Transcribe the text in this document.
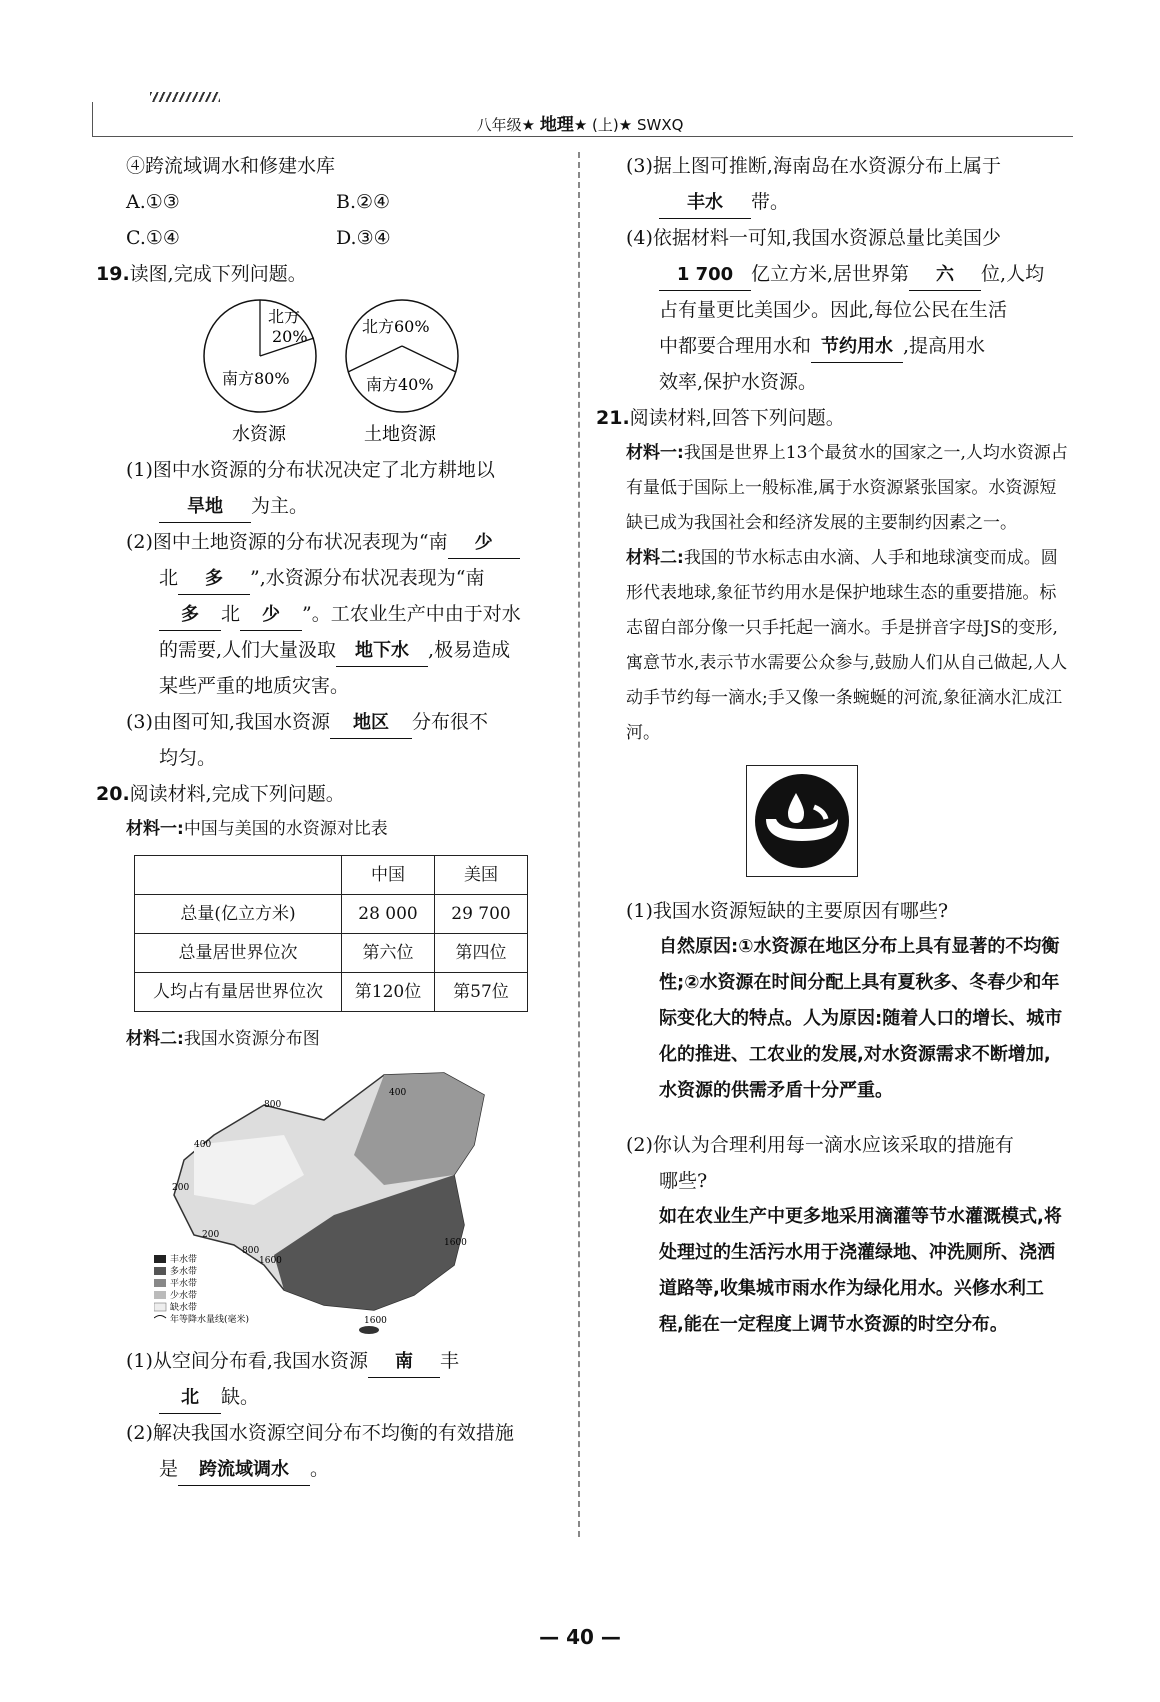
八年级★ 地理★ (上)★ SWXQ

④跨流域调水和修建水库

A.①③	B.②④
C.①④	D.③④

19.读图,完成下列问题。

北方
20%
南方80%
水资源
北方60%
南方40%
土地资源

(1)图中水资源的分布状况决定了北方耕地以

旱地 为主。

(2)图中土地资源的分布状况表现为“南 少

北 多 ”,水资源分布状况表现为“南

多 北 少 ”。工农业生产中由于对水

的需要,人们大量汲取 地下水 ,极易造成

某些严重的地质灾害。

(3)由图可知,我国水资源 地区 分布很不

均匀。

20.阅读材料,完成下列问题。

材料一:中国与美国的水资源对比表

	中国	美国
总量(亿立方米)	28 000	29 700
总量居世界位次	第六位	第四位
人均占有量居世界位次	第120位	第57位

材料二:我国水资源分布图

400
800
200
1600
400
200
1600
800
1600
丰水带
多水带
平水带
少水带
缺水带
年等降水量线(毫米)

(1)从空间分布看,我国水资源 南 丰

北 缺。

(2)解决我国水资源空间分布不均衡的有效措施

是 跨流域调水 。

(3)据上图可推断,海南岛在水资源分布上属于

丰水 带。

(4)依据材料一可知,我国水资源总量比美国少

1 700 亿立方米,居世界第 六 位,人均

占有量更比美国少。因此,每位公民在生活

中都要合理用水和 节约用水 ,提高用水

效率,保护水资源。

21.阅读材料,回答下列问题。

材料一:我国是世界上13个最贫水的国家之一,人均水资源占有量低于国际上一般标准,属于水资源紧张国家。水资源短缺已成为我国社会和经济发展的主要制约因素之一。

材料二:我国的节水标志由水滴、人手和地球演变而成。圆形代表地球,象征节约用水是保护地球生态的重要措施。标志留白部分像一只手托起一滴水。手是拼音字母JS的变形,寓意节水,表示节水需要公众参与,鼓励人们从自己做起,人人动手节约每一滴水;手又像一条蜿蜒的河流,象征滴水汇成江河。

(1)我国水资源短缺的主要原因有哪些?

自然原因:①水资源在地区分布上具有显著的不均衡性;②水资源在时间分配上具有夏秋多、冬春少和年际变化大的特点。人为原因:随着人口的增长、城市化的推进、工农业的发展,对水资源需求不断增加,水资源的供需矛盾十分严重。

(2)你认为合理利用每一滴水应该采取的措施有

哪些?

如在农业生产中更多地采用滴灌等节水灌溉模式,将处理过的生活污水用于浇灌绿地、冲洗厕所、浇洒道路等,收集城市雨水作为绿化用水。兴修水利工程,能在一定程度上调节水资源的时空分布。

— 40 —
